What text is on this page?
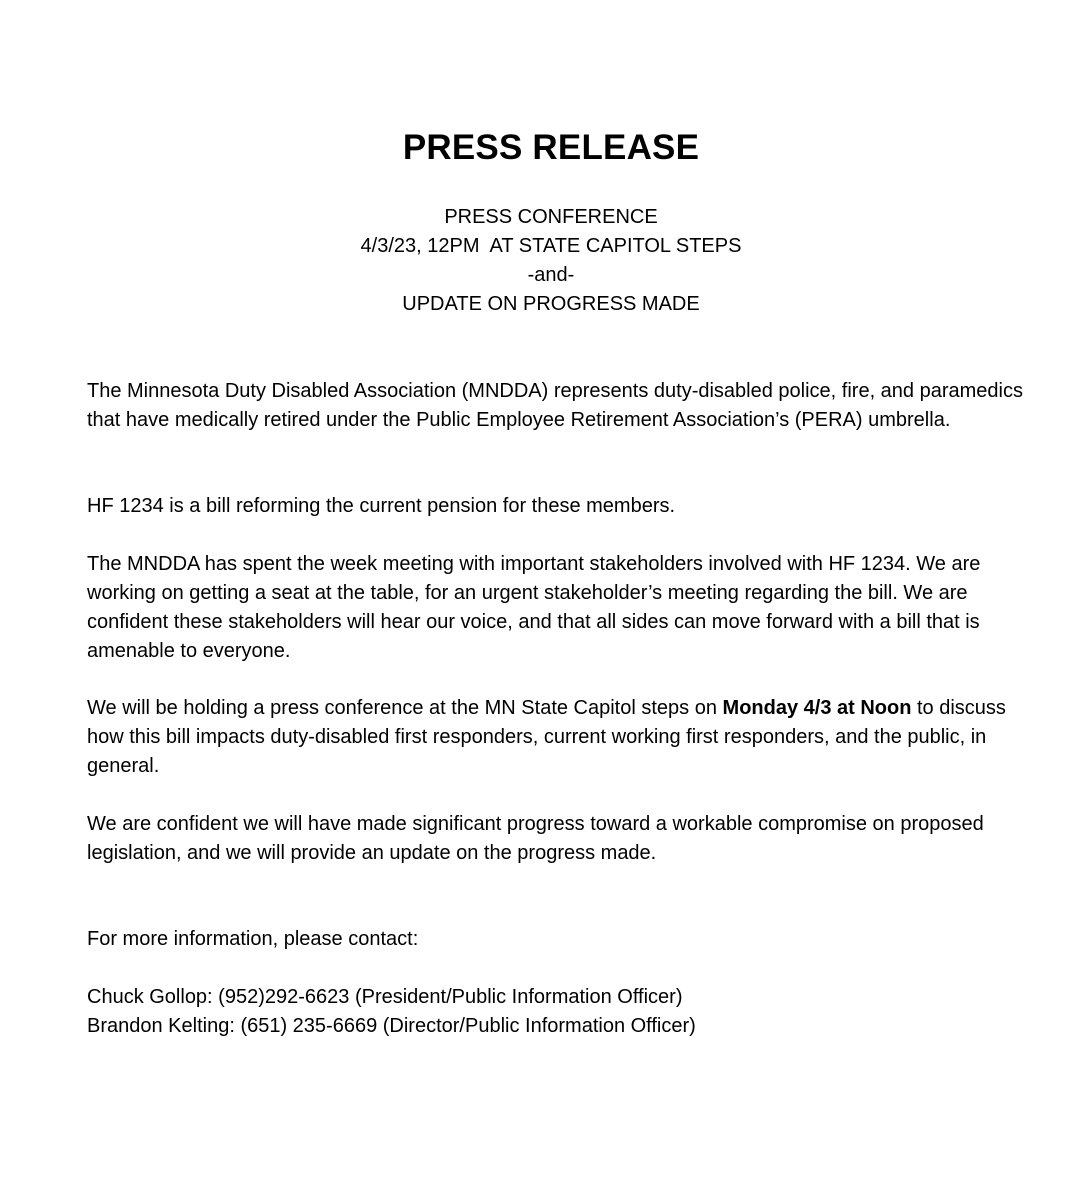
PRESS RELEASE
PRESS CONFERENCE
4/3/23, 12PM  AT STATE CAPITOL STEPS
-and-
UPDATE ON PROGRESS MADE

The Minnesota Duty Disabled Association (MNDDA) represents duty-disabled police, fire, and paramedics that have medically retired under the Public Employee Retirement Association’s (PERA) umbrella.

HF 1234 is a bill reforming the current pension for these members.

The MNDDA has spent the week meeting with important stakeholders involved with HF 1234. We are working on getting a seat at the table, for an urgent stakeholder’s meeting regarding the bill. We are confident these stakeholders will hear our voice, and that all sides can move forward with a bill that is amenable to everyone.

We will be holding a press conference at the MN State Capitol steps on Monday 4/3 at Noon to discuss how this bill impacts duty-disabled first responders, current working first responders, and the public, in general.

We are confident we will have made significant progress toward a workable compromise on proposed legislation, and we will provide an update on the progress made.

For more information, please contact:

Chuck Gollop: (952)292-6623 (President/Public Information Officer)
Brandon Kelting: (651) 235-6669 (Director/Public Information Officer)
